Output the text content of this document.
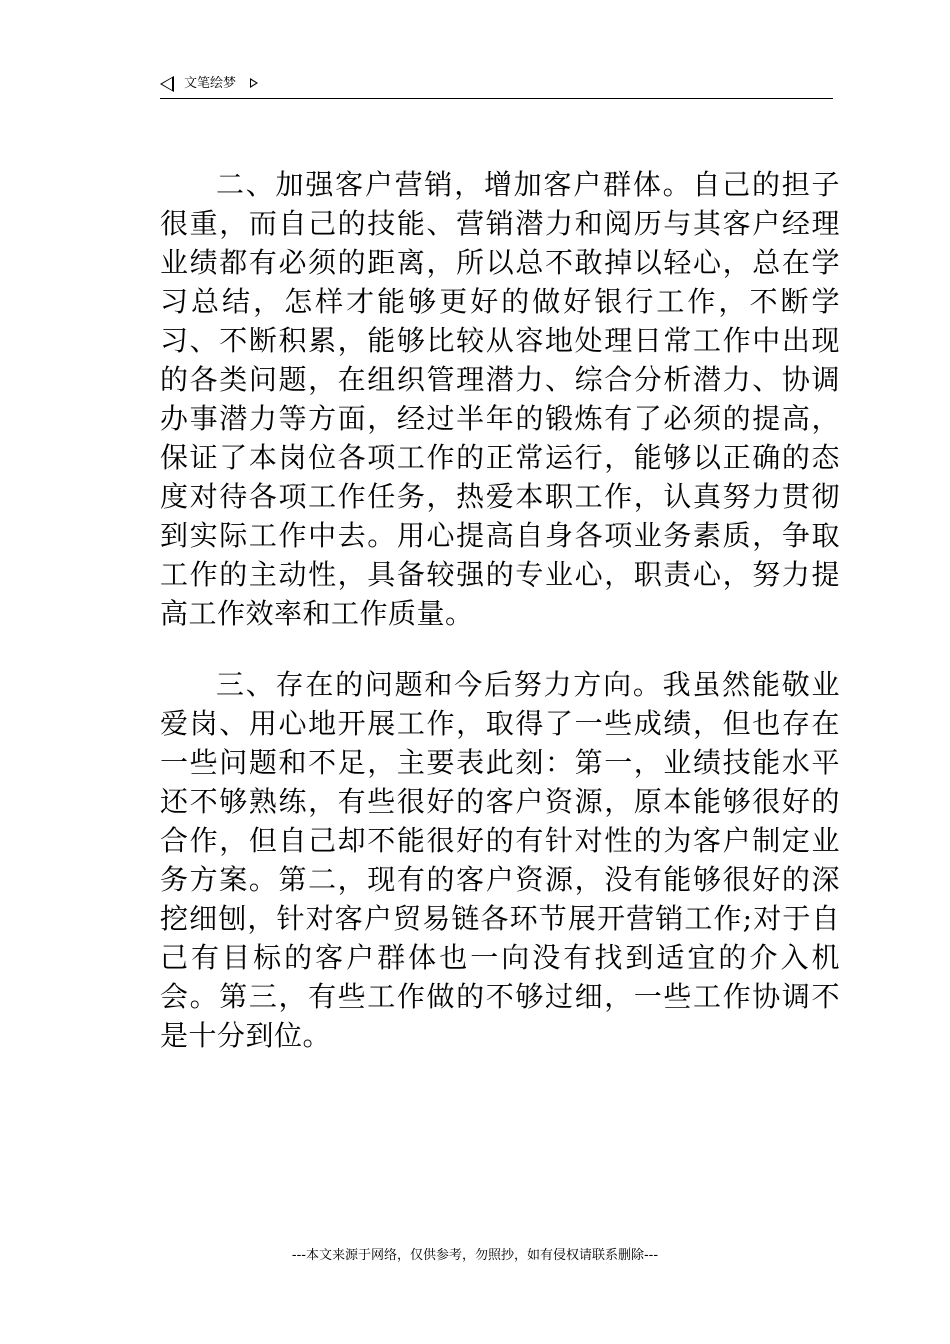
文笔绘梦

二、加强客户营销，增加客户群体。自己的担子很重，而自己的技能、营销潜力和阅历与其客户经理业绩都有必须的距离，所以总不敢掉以轻心，总在学习总结，怎样才能够更好的做好银行工作，不断学习、不断积累，能够比较从容地处理日常工作中出现的各类问题，在组织管理潜力、综合分析潜力、协调办事潜力等方面，经过半年的锻炼有了必须的提高，保证了本岗位各项工作的正常运行，能够以正确的态度对待各项工作任务，热爱本职工作，认真努力贯彻到实际工作中去。用心提高自身各项业务素质，争取工作的主动性，具备较强的专业心，职责心，努力提高工作效率和工作质量。

三、存在的问题和今后努力方向。我虽然能敬业爱岗、用心地开展工作，取得了一些成绩，但也存在一些问题和不足，主要表此刻：第一，业绩技能水平还不够熟练，有些很好的客户资源，原本能够很好的合作，但自己却不能很好的有针对性的为客户制定业务方案。第二，现有的客户资源，没有能够很好的深挖细刨，针对客户贸易链各环节展开营销工作;对于自己有目标的客户群体也一向没有找到适宜的介入机会。第三，有些工作做的不够过细，一些工作协调不是十分到位。

---本文来源于网络，仅供参考，勿照抄，如有侵权请联系删除---
